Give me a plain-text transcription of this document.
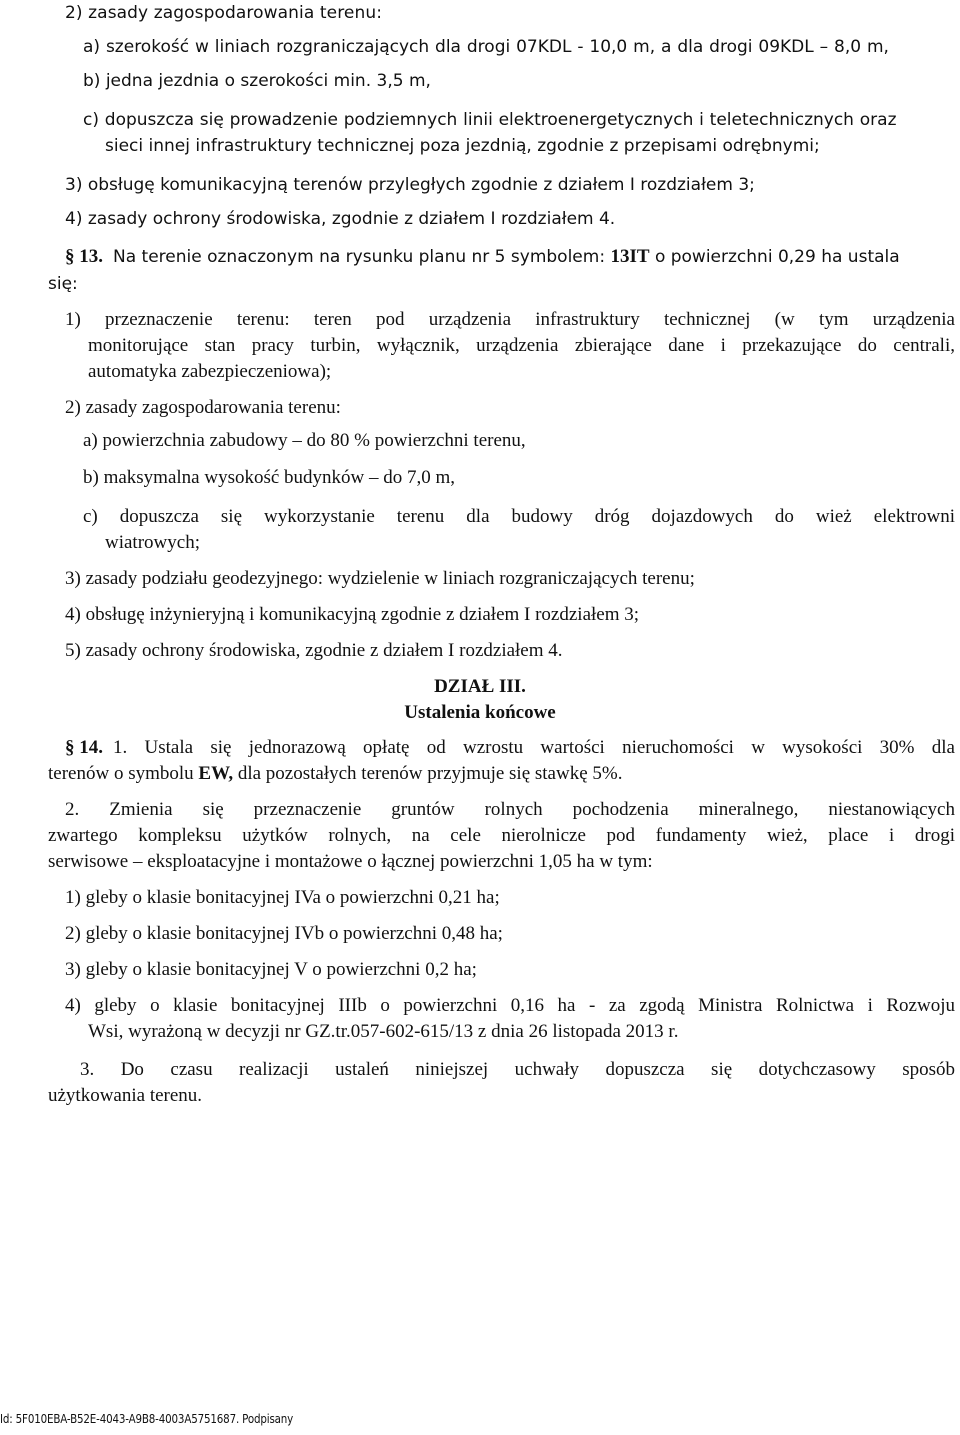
2) zasady zagospodarowania terenu:

a) szerokość w liniach rozgraniczających dla drogi 07KDL - 10,0 m, a dla drogi 09KDL – 8,0 m,

b) jedna jezdnia o szerokości min. 3,5 m,

c) dopuszcza się prowadzenie podziemnych linii elektroenergetycznych i teletechnicznych oraz

sieci innej infrastruktury technicznej poza jezdnią, zgodnie z przepisami odrębnymi;

3) obsługę komunikacyjną terenów przyległych zgodnie z działem I rozdziałem 3;

4) zasady ochrony środowiska, zgodnie z działem I rozdziałem 4.

§ 13. Na terenie oznaczonym na rysunku planu nr 5 symbolem: 13IT o powierzchni 0,29 ha ustala

się:

1) przeznaczenie terenu: teren pod urządzenia infrastruktury technicznej (w tym urządzenia

monitorujące stan pracy turbin, wyłącznik, urządzenia zbierające dane i przekazujące do centrali,

automatyka zabezpieczeniowa);

2) zasady zagospodarowania terenu:

a) powierzchnia zabudowy – do 80 % powierzchni terenu,

b) maksymalna wysokość budynków – do 7,0 m,

c) dopuszcza się wykorzystanie terenu dla budowy dróg dojazdowych do wież elektrowni

wiatrowych;

3) zasady podziału geodezyjnego: wydzielenie w liniach rozgraniczających terenu;

4) obsługę inżynieryjną i komunikacyjną zgodnie z działem I rozdziałem 3;

5) zasady ochrony środowiska, zgodnie z działem I rozdziałem 4.

DZIAŁ III.

Ustalenia końcowe

§ 14. 1. Ustala się jednorazową opłatę od wzrostu wartości nieruchomości w wysokości 30% dla

terenów o symbolu EW, dla pozostałych terenów przyjmuje się stawkę 5%.

2. Zmienia się przeznaczenie gruntów rolnych pochodzenia mineralnego, niestanowiących

zwartego kompleksu użytków rolnych, na cele nierolnicze pod fundamenty wież, place i drogi

serwisowe – eksploatacyjne i montażowe o łącznej powierzchni 1,05 ha w tym:

1) gleby o klasie bonitacyjnej IVa o powierzchni 0,21 ha;

2) gleby o klasie bonitacyjnej IVb o powierzchni 0,48 ha;

3) gleby o klasie bonitacyjnej V o powierzchni 0,2 ha;

4) gleby o klasie bonitacyjnej IIIb o powierzchni 0,16 ha - za zgodą Ministra Rolnictwa i Rozwoju

Wsi, wyrażoną w decyzji nr GZ.tr.057-602-615/13 z dnia 26 listopada 2013 r.

3. Do czasu realizacji ustaleń niniejszej uchwały dopuszcza się dotychczasowy sposób

użytkowania terenu.

Id: 5F010EBA-B52E-4043-A9B8-4003A5751687. Podpisany
